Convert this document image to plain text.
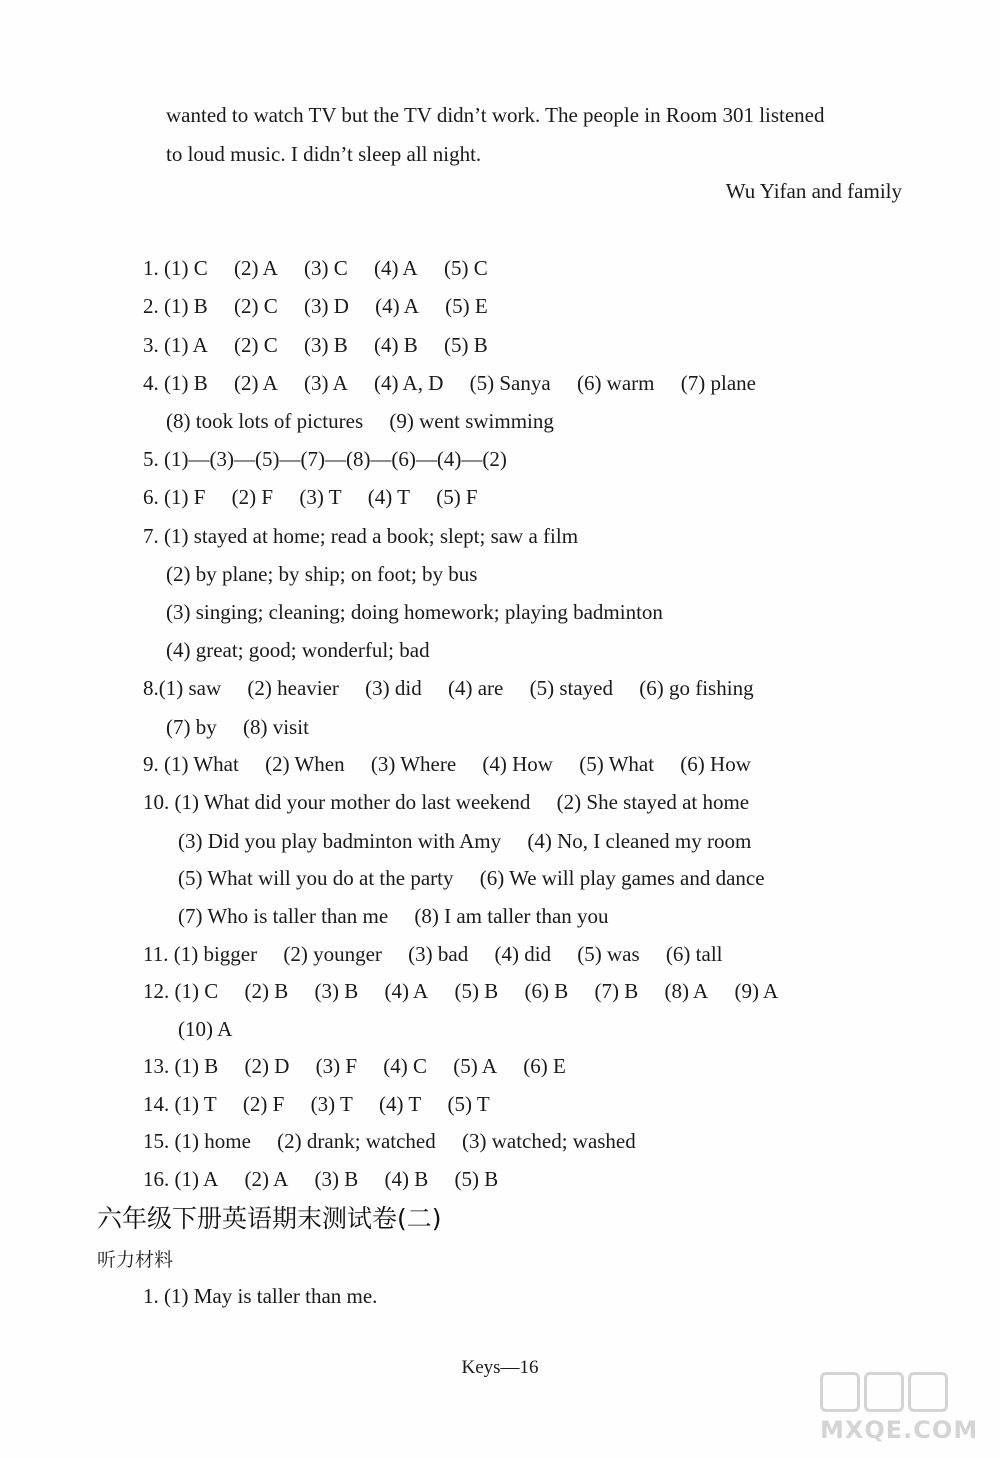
wanted to watch TV but the TV didn’t work. The people in Room 301 listened
to loud music. I didn’t sleep all night.
Wu Yifan and family
1. (1) C  (2) A  (3) C  (4) A  (5) C
2. (1) B  (2) C  (3) D  (4) A  (5) E
3. (1) A  (2) C  (3) B  (4) B  (5) B
4. (1) B  (2) A  (3) A  (4) A, D  (5) Sanya  (6) warm  (7) plane
(8) took lots of pictures  (9) went swimming
5. (1)—(3)—(5)—(7)—(8)—(6)—(4)—(2)
6. (1) F  (2) F  (3) T  (4) T  (5) F
7. (1) stayed at home; read a book; slept; saw a film
(2) by plane; by ship; on foot; by bus
(3) singing; cleaning; doing homework; playing badminton
(4) great; good; wonderful; bad
8.(1) saw  (2) heavier  (3) did  (4) are  (5) stayed  (6) go fishing
(7) by  (8) visit
9. (1) What  (2) When  (3) Where  (4) How  (5) What  (6) How
10. (1) What did your mother do last weekend  (2) She stayed at home
(3) Did you play badminton with Amy  (4) No, I cleaned my room
(5) What will you do at the party  (6) We will play games and dance
(7) Who is taller than me  (8) I am taller than you
11. (1) bigger  (2) younger  (3) bad  (4) did  (5) was  (6) tall
12. (1) C  (2) B  (3) B  (4) A  (5) B  (6) B  (7) B  (8) A  (9) A
(10) A
13. (1) B  (2) D  (3) F  (4) C  (5) A  (6) E
14. (1) T  (2) F  (3) T  (4) T  (5) T
15. (1) home  (2) drank; watched  (3) watched; washed
16. (1) A  (2) A  (3) B  (4) B  (5) B
六年级下册英语期末测试卷(二)
听力材料
1. (1) May is taller than me.
Keys—16
MXQE.COM
